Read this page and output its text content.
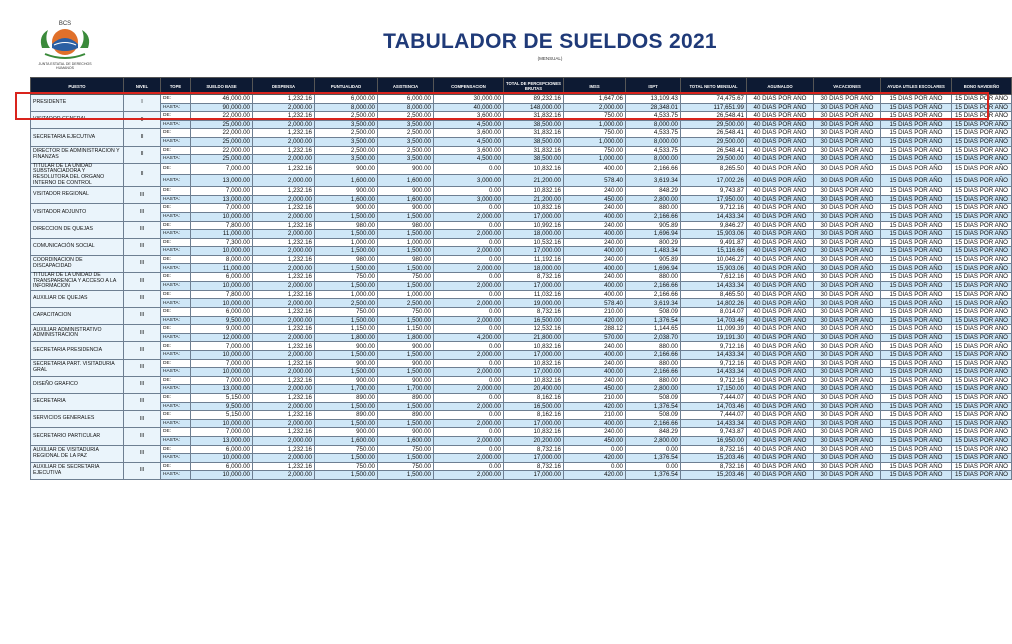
BCS
JUNTA ESTATAL DE DERECHOS HUMANOS
TABULADOR DE SUELDOS 2021
(MENSUAL)
PUESTO	NIVEL	TOPE	SUELDO BASE	DESPENSA	PUNTUALIDAD	ASISTENCIA	COMPENSACION	TOTAL DE PERCEPCIONES BRUTAS	IMSS	ISPT	TOTAL NETO MENSUAL	AGUINALDO	VACACIONES	AYUDA UTILES ESCOLARES	BONO NAVIDEÑO
PRESIDENTE	I	DE:	46,000.00	1,232.16	6,000.00	6,000.00	30,000.00	89,232.16	1,647.06	13,109.43	74,475.67	40 DIAS POR AÑO	30 DIAS POR AÑO	15 DIAS POR AÑO	15 DIAS POR AÑO
		HASTA:	90,000.00	2,000.00	8,000.00	8,000.00	40,000.00	148,000.00	2,000.00	28,348.01	117,651.99	40 DIAS POR AÑO	30 DIAS POR AÑO	15 DIAS POR AÑO	15 DIAS POR AÑO
VISITADOR GENERAL	II	DE:	22,000.00	1,232.16	2,500.00	2,500.00	3,600.00	31,832.16	750.00	4,533.75	26,548.41	40 DIAS POR AÑO	30 DIAS POR AÑO	15 DIAS POR AÑO	15 DIAS POR AÑO
		HASTA:	25,000.00	2,000.00	3,500.00	3,500.00	4,500.00	38,500.00	1,000.00	8,000.00	29,500.00	40 DIAS POR AÑO	30 DIAS POR AÑO	15 DIAS POR AÑO	15 DIAS POR AÑO
SECRETARIA EJECUTIVA	II	DE:	22,000.00	1,232.16	2,500.00	2,500.00	3,600.00	31,832.16	750.00	4,533.75	26,548.41	40 DIAS POR AÑO	30 DIAS POR AÑO	15 DIAS POR AÑO	15 DIAS POR AÑO
		HASTA:	25,000.00	2,000.00	3,500.00	3,500.00	4,500.00	38,500.00	1,000.00	8,000.00	29,500.00	40 DIAS POR AÑO	30 DIAS POR AÑO	15 DIAS POR AÑO	15 DIAS POR AÑO
DIRECTOR DE ADMINISTRACION Y FINANZAS	II	DE:	22,000.00	1,232.16	2,500.00	2,500.00	3,600.00	31,832.16	750.00	4,533.75	26,548.41	40 DIAS POR AÑO	30 DIAS POR AÑO	15 DIAS POR AÑO	15 DIAS POR AÑO
		HASTA:	25,000.00	2,000.00	3,500.00	3,500.00	4,500.00	38,500.00	1,000.00	8,000.00	29,500.00	40 DIAS POR AÑO	30 DIAS POR AÑO	15 DIAS POR AÑO	15 DIAS POR AÑO
TITULAR DE LA UNIDAD SUBSTANCIADORA Y RESOLUTORA DEL ORGANO INTERNO DE CONTROL	II	DE:	7,000.00	1,232.16	900.00	900.00	0.00	10,832.16	400.00	2,166.66	8,265.50	40 DIAS POR AÑO	30 DIAS POR AÑO	15 DIAS POR AÑO	15 DIAS POR AÑO
		HASTA:	13,000.00	2,000.00	1,600.00	1,600.00	3,000.00	21,200.00	578.40	3,619.34	17,002.26	40 DIAS POR AÑO	30 DIAS POR AÑO	15 DIAS POR AÑO	15 DIAS POR AÑO
VISITADOR REGIONAL	III	DE:	7,000.00	1,232.16	900.00	900.00	0.00	10,832.16	240.00	848.29	9,743.87	40 DIAS POR AÑO	30 DIAS POR AÑO	15 DIAS POR AÑO	15 DIAS POR AÑO
		HASTA:	13,000.00	2,000.00	1,600.00	1,600.00	3,000.00	21,200.00	450.00	2,800.00	17,950.00	40 DIAS POR AÑO	30 DIAS POR AÑO	15 DIAS POR AÑO	15 DIAS POR AÑO
VISITADOR ADJUNTO	III	DE:	7,000.00	1,232.16	900.00	900.00	0.00	10,832.16	240.00	880.00	9,712.16	40 DIAS POR AÑO	30 DIAS POR AÑO	15 DIAS POR AÑO	15 DIAS POR AÑO
		HASTA:	10,000.00	2,000.00	1,500.00	1,500.00	2,000.00	17,000.00	400.00	2,166.66	14,433.34	40 DIAS POR AÑO	30 DIAS POR AÑO	15 DIAS POR AÑO	15 DIAS POR AÑO
DIRECCION DE QUEJAS	III	DE:	7,800.00	1,232.16	980.00	980.00	0.00	10,992.16	240.00	905.89	9,846.27	40 DIAS POR AÑO	30 DIAS POR AÑO	15 DIAS POR AÑO	15 DIAS POR AÑO
		HASTA:	11,000.00	2,000.00	1,500.00	1,500.00	2,000.00	18,000.00	400.00	1,696.94	15,903.06	40 DIAS POR AÑO	30 DIAS POR AÑO	15 DIAS POR AÑO	15 DIAS POR AÑO
COMUNICACIÓN SOCIAL	III	DE:	7,300.00	1,232.16	1,000.00	1,000.00	0.00	10,532.16	240.00	800.29	9,491.87	40 DIAS POR AÑO	30 DIAS POR AÑO	15 DIAS POR AÑO	15 DIAS POR AÑO
		HASTA:	10,000.00	2,000.00	1,500.00	1,500.00	2,000.00	17,000.00	400.00	1,483.34	15,116.66	40 DIAS POR AÑO	30 DIAS POR AÑO	15 DIAS POR AÑO	15 DIAS POR AÑO
COORDINACION DE DISCAPACIDAD	III	DE:	8,000.00	1,232.16	980.00	980.00	0.00	11,192.16	240.00	905.89	10,046.27	40 DIAS POR AÑO	30 DIAS POR AÑO	15 DIAS POR AÑO	15 DIAS POR AÑO
		HASTA:	11,000.00	2,000.00	1,500.00	1,500.00	2,000.00	18,000.00	400.00	1,696.94	15,903.06	40 DIAS POR AÑO	30 DIAS POR AÑO	15 DIAS POR AÑO	15 DIAS POR AÑO
TITULAR DE LA UNIDAD DE TRANSPARENCIA Y ACCESO A LA INFORMACION	III	DE:	6,000.00	1,232.16	750.00	750.00	0.00	8,732.16	240.00	880.00	7,612.16	40 DIAS POR AÑO	30 DIAS POR AÑO	15 DIAS POR AÑO	15 DIAS POR AÑO
		HASTA:	10,000.00	2,000.00	1,500.00	1,500.00	2,000.00	17,000.00	400.00	2,166.66	14,433.34	40 DIAS POR AÑO	30 DIAS POR AÑO	15 DIAS POR AÑO	15 DIAS POR AÑO
AUXILIAR DE QUEJAS	III	DE:	7,800.00	1,232.16	1,000.00	1,000.00	0.00	11,032.16	400.00	2,166.66	8,465.50	40 DIAS POR AÑO	30 DIAS POR AÑO	15 DIAS POR AÑO	15 DIAS POR AÑO
		HASTA:	10,000.00	2,000.00	2,500.00	2,500.00	2,000.00	19,000.00	578.40	3,619.34	14,802.26	40 DIAS POR AÑO	30 DIAS POR AÑO	15 DIAS POR AÑO	15 DIAS POR AÑO
CAPACITACION	III	DE:	6,000.00	1,232.16	750.00	750.00	0.00	8,732.16	210.00	508.09	8,014.07	40 DIAS POR AÑO	30 DIAS POR AÑO	15 DIAS POR AÑO	15 DIAS POR AÑO
		HASTA:	9,500.00	2,000.00	1,500.00	1,500.00	2,000.00	16,500.00	420.00	1,376.54	14,703.46	40 DIAS POR AÑO	30 DIAS POR AÑO	15 DIAS POR AÑO	15 DIAS POR AÑO
AUXILIAR ADMINISTRATIVO ADMINISTRACION	III	DE:	9,000.00	1,232.16	1,150.00	1,150.00	0.00	12,532.16	288.12	1,144.65	11,099.39	40 DIAS POR AÑO	30 DIAS POR AÑO	15 DIAS POR AÑO	15 DIAS POR AÑO
		HASTA:	12,000.00	2,000.00	1,800.00	1,800.00	4,200.00	21,800.00	570.00	2,038.70	19,191.30	40 DIAS POR AÑO	30 DIAS POR AÑO	15 DIAS POR AÑO	15 DIAS POR AÑO
SECRETARIA PRESIDENCIA	III	DE:	7,000.00	1,232.16	900.00	900.00	0.00	10,832.16	240.00	880.00	9,712.16	40 DIAS POR AÑO	30 DIAS POR AÑO	15 DIAS POR AÑO	15 DIAS POR AÑO
		HASTA:	10,000.00	2,000.00	1,500.00	1,500.00	2,000.00	17,000.00	400.00	2,166.66	14,433.34	40 DIAS POR AÑO	30 DIAS POR AÑO	15 DIAS POR AÑO	15 DIAS POR AÑO
SECRETARIA PART. VISITADURIA GRAL	III	DE:	7,000.00	1,232.16	900.00	900.00	0.00	10,832.16	240.00	880.00	9,712.16	40 DIAS POR AÑO	30 DIAS POR AÑO	15 DIAS POR AÑO	15 DIAS POR AÑO
		HASTA:	10,000.00	2,000.00	1,500.00	1,500.00	2,000.00	17,000.00	400.00	2,166.66	14,433.34	40 DIAS POR AÑO	30 DIAS POR AÑO	15 DIAS POR AÑO	15 DIAS POR AÑO
DISEÑO GRAFICO	III	DE:	7,000.00	1,232.16	900.00	900.00	0.00	10,832.16	240.00	880.00	9,712.16	40 DIAS POR AÑO	30 DIAS POR AÑO	15 DIAS POR AÑO	15 DIAS POR AÑO
		HASTA:	13,000.00	2,000.00	1,700.00	1,700.00	2,000.00	20,400.00	450.00	2,800.00	17,150.00	40 DIAS POR AÑO	30 DIAS POR AÑO	15 DIAS POR AÑO	15 DIAS POR AÑO
SECRETARIA	III	DE:	5,150.00	1,232.16	890.00	890.00	0.00	8,162.16	210.00	508.09	7,444.07	40 DIAS POR AÑO	30 DIAS POR AÑO	15 DIAS POR AÑO	15 DIAS POR AÑO
		HASTA:	9,500.00	2,000.00	1,500.00	1,500.00	2,000.00	16,500.00	420.00	1,376.54	14,703.46	40 DIAS POR AÑO	30 DIAS POR AÑO	15 DIAS POR AÑO	15 DIAS POR AÑO
SERVICIOS GENERALES	III	DE:	5,150.00	1,232.16	890.00	890.00	0.00	8,162.16	210.00	508.09	7,444.07	40 DIAS POR AÑO	30 DIAS POR AÑO	15 DIAS POR AÑO	15 DIAS POR AÑO
		HASTA:	10,000.00	2,000.00	1,500.00	1,500.00	2,000.00	17,000.00	400.00	2,166.66	14,433.34	40 DIAS POR AÑO	30 DIAS POR AÑO	15 DIAS POR AÑO	15 DIAS POR AÑO
SECRETARIO PARTICULAR	III	DE:	7,000.00	1,232.16	900.00	900.00	0.00	10,832.16	240.00	848.29	9,743.87	40 DIAS POR AÑO	30 DIAS POR AÑO	15 DIAS POR AÑO	15 DIAS POR AÑO
		HASTA:	13,000.00	2,000.00	1,600.00	1,600.00	2,000.00	20,200.00	450.00	2,800.00	16,950.00	40 DIAS POR AÑO	30 DIAS POR AÑO	15 DIAS POR AÑO	15 DIAS POR AÑO
AUXILIAR DE VISITADURIA REGIONAL DE LA PAZ	III	DE:	6,000.00	1,232.16	750.00	750.00	0.00	8,732.16	0.00	0.00	8,732.16	40 DIAS POR AÑO	30 DIAS POR AÑO	15 DIAS POR AÑO	15 DIAS POR AÑO
		HASTA:	10,000.00	2,000.00	1,500.00	1,500.00	2,000.00	17,000.00	420.00	1,376.54	15,203.46	40 DIAS POR AÑO	30 DIAS POR AÑO	15 DIAS POR AÑO	15 DIAS POR AÑO
AUXILIAR DE SECRETARIA EJECUTIVA	III	DE:	6,000.00	1,232.16	750.00	750.00	0.00	8,732.16	0.00	0.00	8,732.16	40 DIAS POR AÑO	30 DIAS POR AÑO	15 DIAS POR AÑO	15 DIAS POR AÑO
		HASTA:	10,000.00	2,000.00	1,500.00	1,500.00	2,000.00	17,000.00	420.00	1,376.54	15,203.46	40 DIAS POR AÑO	30 DIAS POR AÑO	15 DIAS POR AÑO	15 DIAS POR AÑO
